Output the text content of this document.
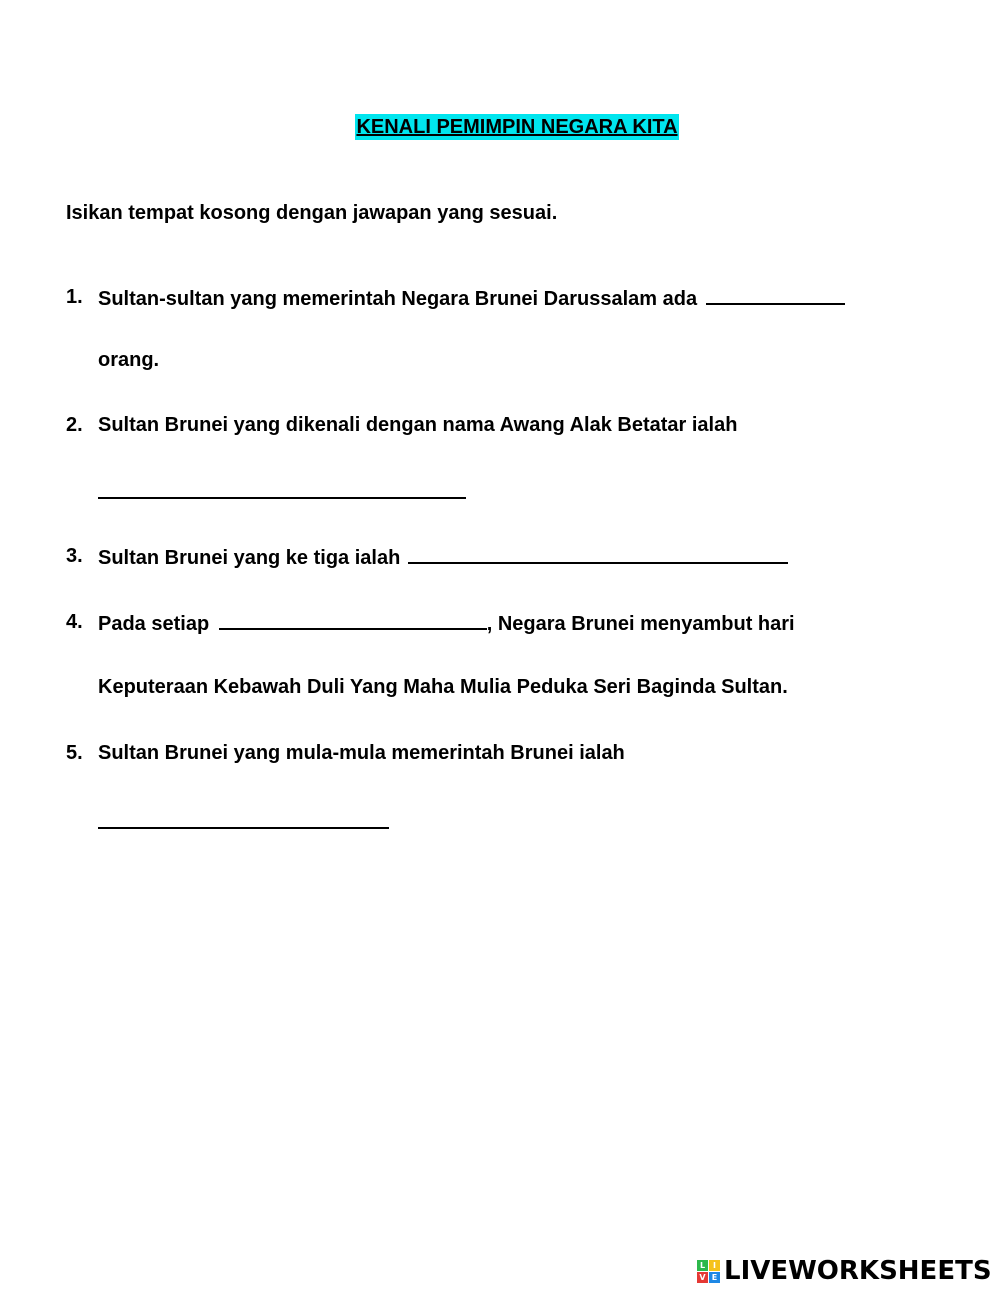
KENALI PEMIMPIN NEGARA KITA
Isikan tempat kosong dengan jawapan yang sesuai.
1. Sultan-sultan yang memerintah Negara Brunei Darussalam ada
orang.
2. Sultan Brunei yang dikenali dengan nama Awang Alak Betatar ialah
3. Sultan Brunei yang ke tiga ialah
4. Pada setiap	, Negara Brunei menyambut hari
Keputeraan Kebawah Duli Yang Maha Mulia Peduka Seri Baginda Sultan.
5. Sultan Brunei yang mula-mula memerintah Brunei ialah
L I
V E LIVEWORKSHEETS
